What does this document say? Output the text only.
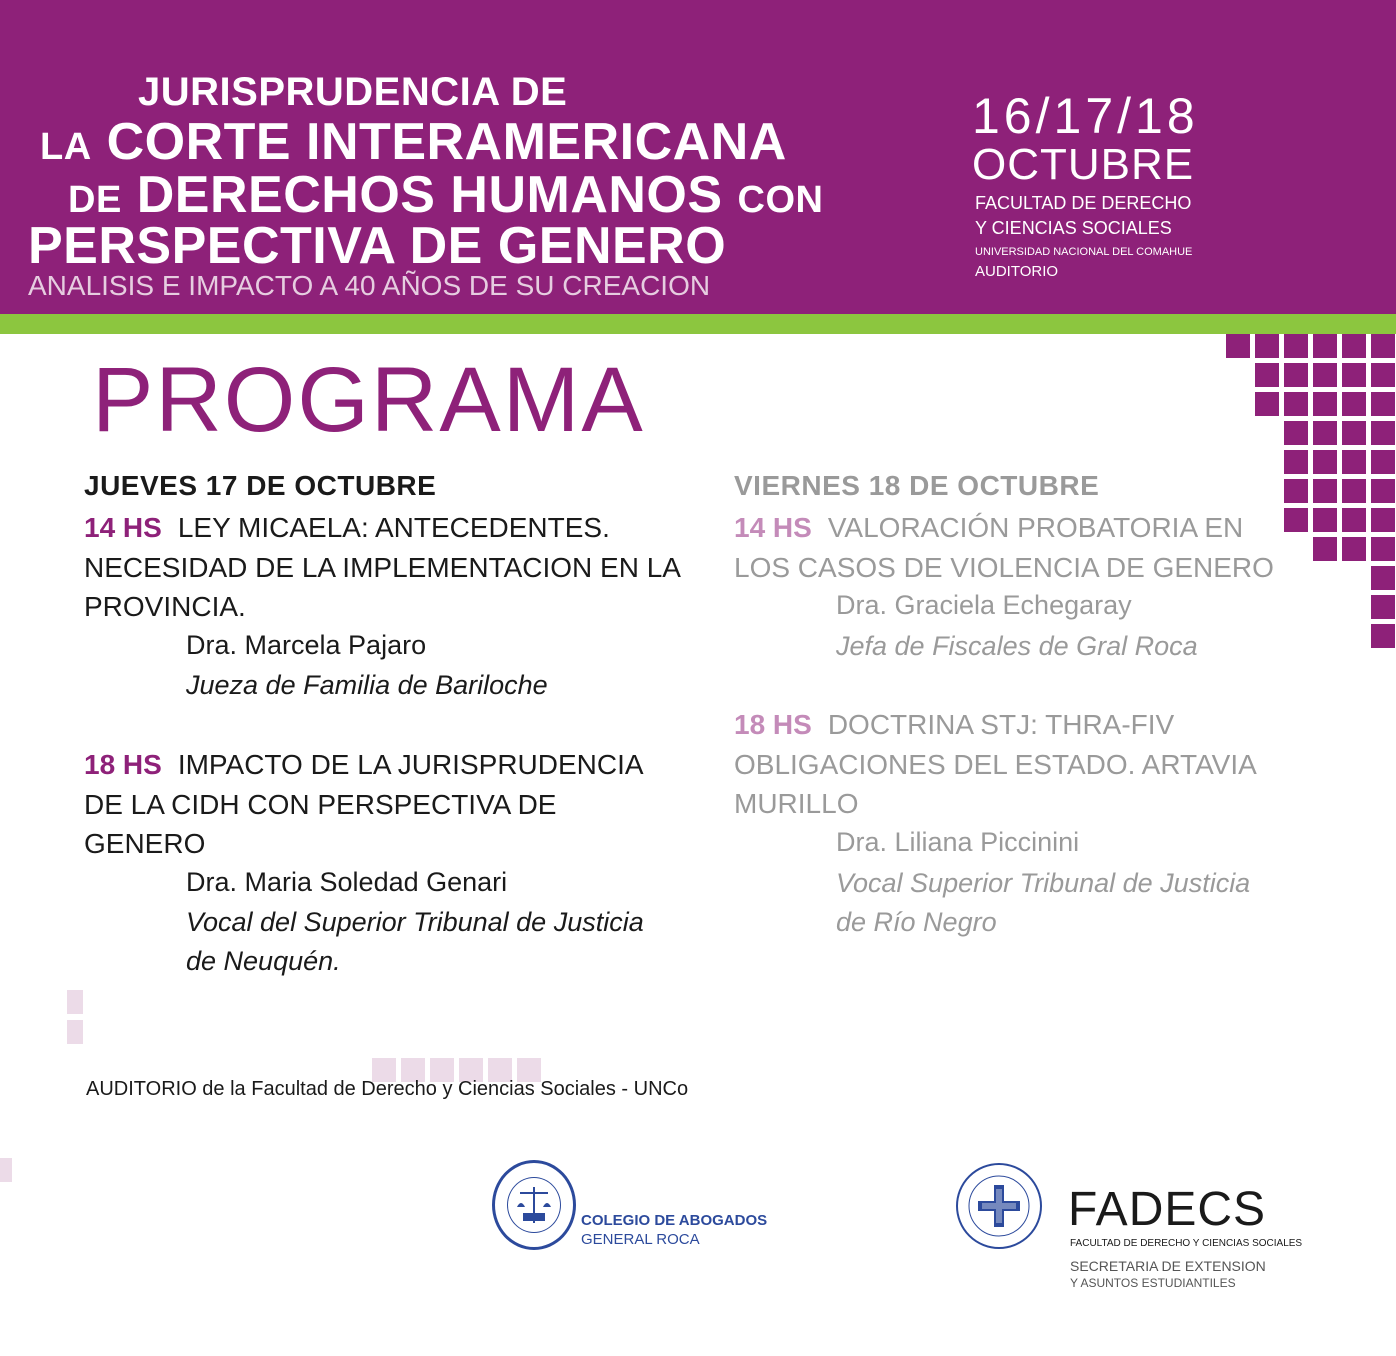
JURISPRUDENCIA DE
LA CORTE INTERAMERICANA
DE DERECHOS HUMANOS CON
PERSPECTIVA DE GENERO
ANALISIS E IMPACTO A 40 AÑOS DE SU CREACION
16/17/18
OCTUBRE
FACULTAD DE DERECHO
Y CIENCIAS SOCIALES
UNIVERSIDAD NACIONAL DEL COMAHUE
AUDITORIO
PROGRAMA
JUEVES 17 DE OCTUBRE
14 HS LEY MICAELA: ANTECEDENTES. NECESIDAD DE LA IMPLEMENTACION EN LA PROVINCIA.
Dra. Marcela Pajaro
Jueza de Familia de Bariloche
18 HS IMPACTO DE LA JURISPRUDENCIA DE LA CIDH CON PERSPECTIVA DE GENERO
Dra. Maria Soledad Genari
Vocal del Superior Tribunal de Justicia de Neuquén.
VIERNES 18 DE OCTUBRE
14 HS VALORACIÓN PROBATORIA EN LOS CASOS DE VIOLENCIA DE GENERO
Dra. Graciela Echegaray
Jefa de Fiscales de Gral Roca
18 HS DOCTRINA STJ: THRA-FIV OBLIGACIONES DEL ESTADO. ARTAVIA MURILLO
Dra. Liliana Piccinini
Vocal Superior Tribunal de Justicia de Río Negro
AUDITORIO de la Facultad de Derecho y Ciencias Sociales - UNCo
COLEGIO DE ABOGADOS
GENERAL ROCA
FADECS
FACULTAD DE DERECHO Y CIENCIAS SOCIALES
SECRETARIA DE EXTENSION
Y ASUNTOS ESTUDIANTILES
